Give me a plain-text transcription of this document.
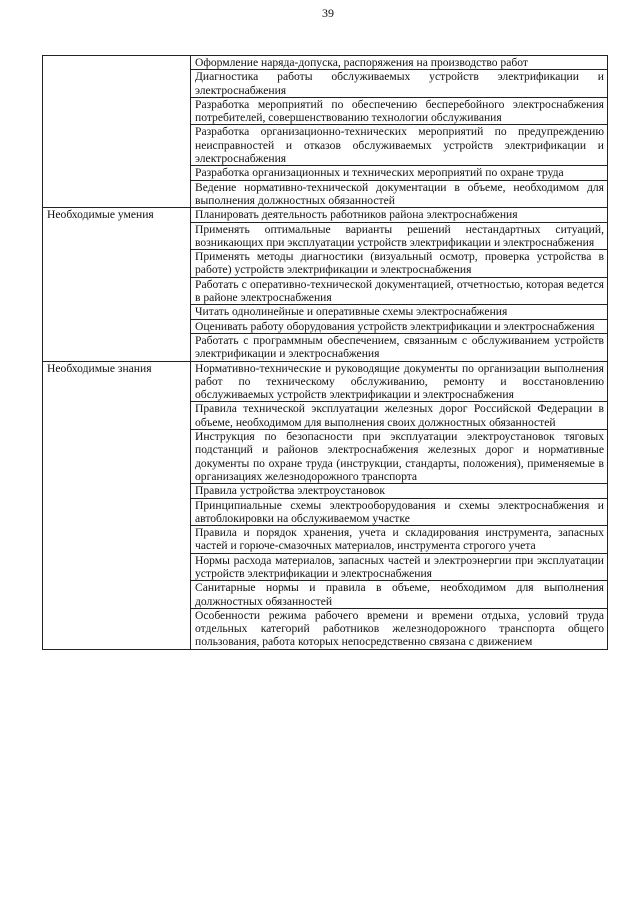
39
	Оформление наряда-допуска, распоряжения на производство работ
	Диагностика работы обслуживаемых устройств электрификации и электроснабжения
	Разработка мероприятий по обеспечению бесперебойного электроснабжения потребителей, совершенствованию технологии обслуживания
	Разработка организационно-технических мероприятий по предупреждению неисправностей и отказов обслуживаемых устройств электрификации и электроснабжения
	Разработка организационных и технических мероприятий по охране труда
	Ведение нормативно-технической документации в объеме, необходимом для выполнения должностных обязанностей
Необходимые умения	Планировать деятельность работников района электроснабжения
	Применять оптимальные варианты решений нестандартных ситуаций, возникающих при эксплуатации устройств электрификации и электроснабжения
	Применять методы диагностики (визуальный осмотр, проверка устройства в работе) устройств электрификации и электроснабжения
	Работать с оперативно-технической документацией, отчетностью, которая ведется в районе электроснабжения
	Читать однолинейные и оперативные схемы электроснабжения
	Оценивать работу оборудования устройств электрификации и электроснабжения
	Работать с программным обеспечением, связанным с обслуживанием устройств электрификации и электроснабжения
Необходимые знания	Нормативно-технические и руководящие документы по организации выполнения работ по техническому обслуживанию, ремонту и восстановлению обслуживаемых устройств электрификации и электроснабжения
	Правила технической эксплуатации железных дорог Российской Федерации в объеме, необходимом для выполнения своих должностных обязанностей
	Инструкция по безопасности при эксплуатации электроустановок тяговых подстанций и районов электроснабжения железных дорог и нормативные документы по охране труда (инструкции, стандарты, положения), применяемые в организациях железнодорожного транспорта
	Правила устройства электроустановок
	Принципиальные схемы электрооборудования и схемы электроснабжения и автоблокировки на обслуживаемом участке
	Правила и порядок хранения, учета и складирования инструмента, запасных частей и горюче-смазочных материалов, инструмента строгого учета
	Нормы расхода материалов, запасных частей и электроэнергии при эксплуатации устройств электрификации и электроснабжения
	Санитарные нормы и правила в объеме, необходимом для выполнения должностных обязанностей
	Особенности режима рабочего времени и времени отдыха, условий труда отдельных категорий работников железнодорожного транспорта общего пользования, работа которых непосредственно связана с движением
